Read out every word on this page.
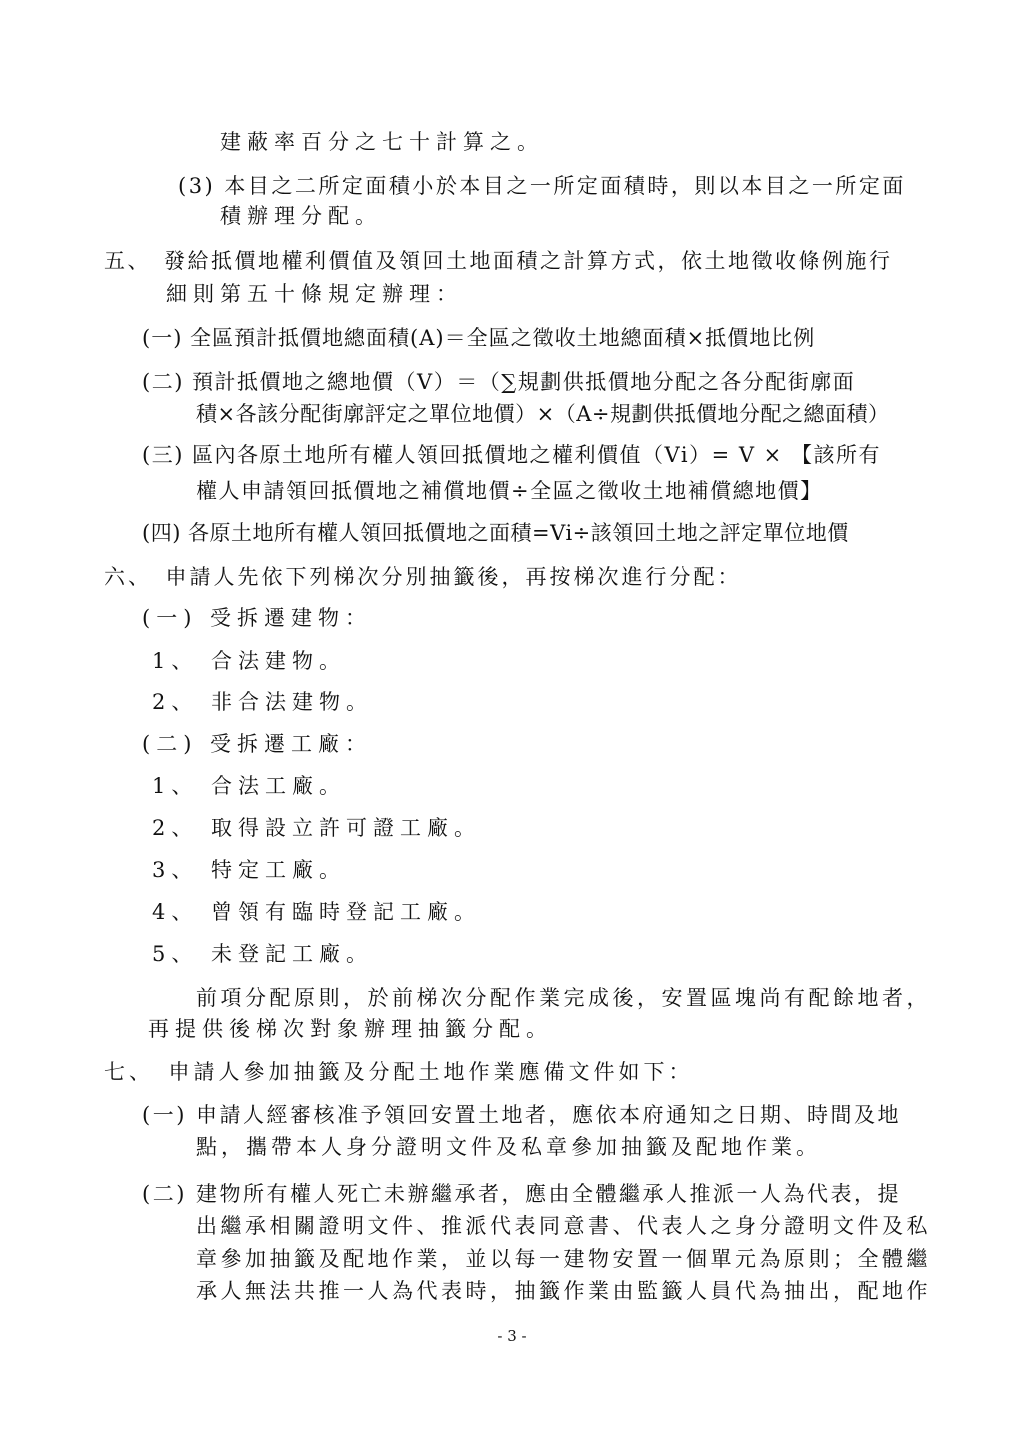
建蔽率百分之七十計算之。
(3) 本目之二所定面積小於本目之一所定面積時，則以本目之一所定面
積辦理分配。
五、　發給抵價地權利價值及領回土地面積之計算方式，依土地徵收條例施行
細則第五十條規定辦理：
(一) 全區預計抵價地總面積(A)＝全區之徵收土地總面積×抵價地比例
(二) 預計抵價地之總地價（V）＝（∑規劃供抵價地分配之各分配街廓面
積×各該分配街廓評定之單位地價）×（A÷規劃供抵價地分配之總面積）
(三) 區內各原土地所有權人領回抵價地之權利價值（Vi）= V × 【該所有
權人申請領回抵價地之補償地價÷全區之徵收土地補償總地價】
(四) 各原土地所有權人領回抵價地之面積=Vi÷該領回土地之評定單位地價
六、　申請人先依下列梯次分別抽籤後，再按梯次進行分配：
(一) 受拆遷建物：
1、 合法建物。
2、 非合法建物。
(二) 受拆遷工廠：
1、 合法工廠。
2、 取得設立許可證工廠。
3、 特定工廠。
4、 曾領有臨時登記工廠。
5、 未登記工廠。
前項分配原則，於前梯次分配作業完成後，安置區塊尚有配餘地者，
再提供後梯次對象辦理抽籤分配。
七、　申請人參加抽籤及分配土地作業應備文件如下：
(一) 申請人經審核准予領回安置土地者，應依本府通知之日期、時間及地
點，攜帶本人身分證明文件及私章參加抽籤及配地作業。
(二) 建物所有權人死亡未辦繼承者，應由全體繼承人推派一人為代表，提
出繼承相關證明文件、推派代表同意書、代表人之身分證明文件及私
章參加抽籤及配地作業，並以每一建物安置一個單元為原則；全體繼
承人無法共推一人為代表時，抽籤作業由監籤人員代為抽出，配地作
- 3 -
